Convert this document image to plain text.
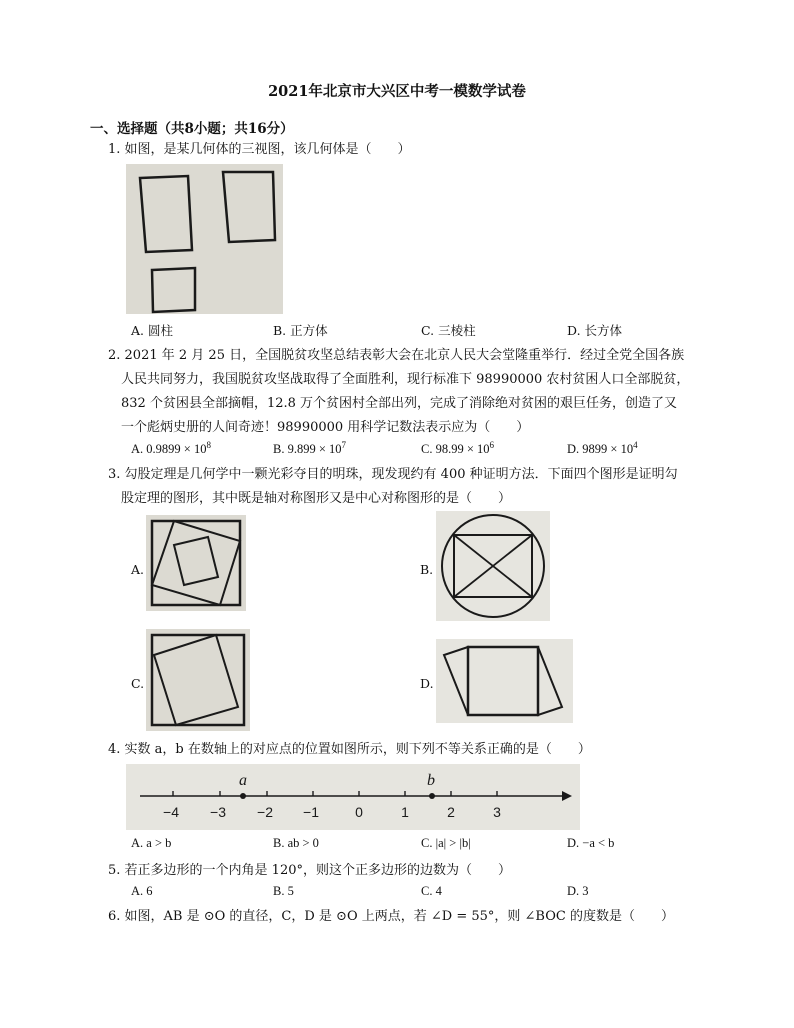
2021年北京市大兴区中考一模数学试卷
一、选择题（共8小题；共16分）
1. 如图，是某几何体的三视图，该几何体是（　　）
A. 圆柱	B. 正方体	C. 三棱柱	D. 长方体
2. 2021 年 2 月 25 日，全国脱贫攻坚总结表彰大会在北京人民大会堂隆重举行．经过全党全国各族
人民共同努力，我国脱贫攻坚战取得了全面胜利，现行标准下 98990000 农村贫困人口全部脱贫，
832 个贫困县全部摘帽，12.8 万个贫困村全部出列，完成了消除绝对贫困的艰巨任务，创造了又
一个彪炳史册的人间奇迹！98990000 用科学记数法表示应为（　　）
A. $0.9899 \times 10^8$	B. $9.899 \times 10^7$	C. $98.99 \times 10^6$	D. $9899 \times 10^4$
3. 勾股定理是几何学中一颗光彩夺目的明珠，现发现约有 400 种证明方法．下面四个图形是证明勾
股定理的图形，其中既是轴对称图形又是中心对称图形的是（　　）
A.	B.
C.	D.
4. 实数 a，b 在数轴上的对应点的位置如图所示，则下列不等关系正确的是（　　）
a	b
−4 −3 −2 −1	0	1	2	3
A. a > b	B. ab > 0	C. |a| > |b|	D. −a < b
5. 若正多边形的一个内角是 120°，则这个正多边形的边数为（　　）
A. 6	B. 5	C. 4	D. 3
6. 如图，AB 是 ⊙O 的直径，C，D 是 ⊙O 上两点，若 ∠D = 55°，则 ∠BOC 的度数是（　　）
